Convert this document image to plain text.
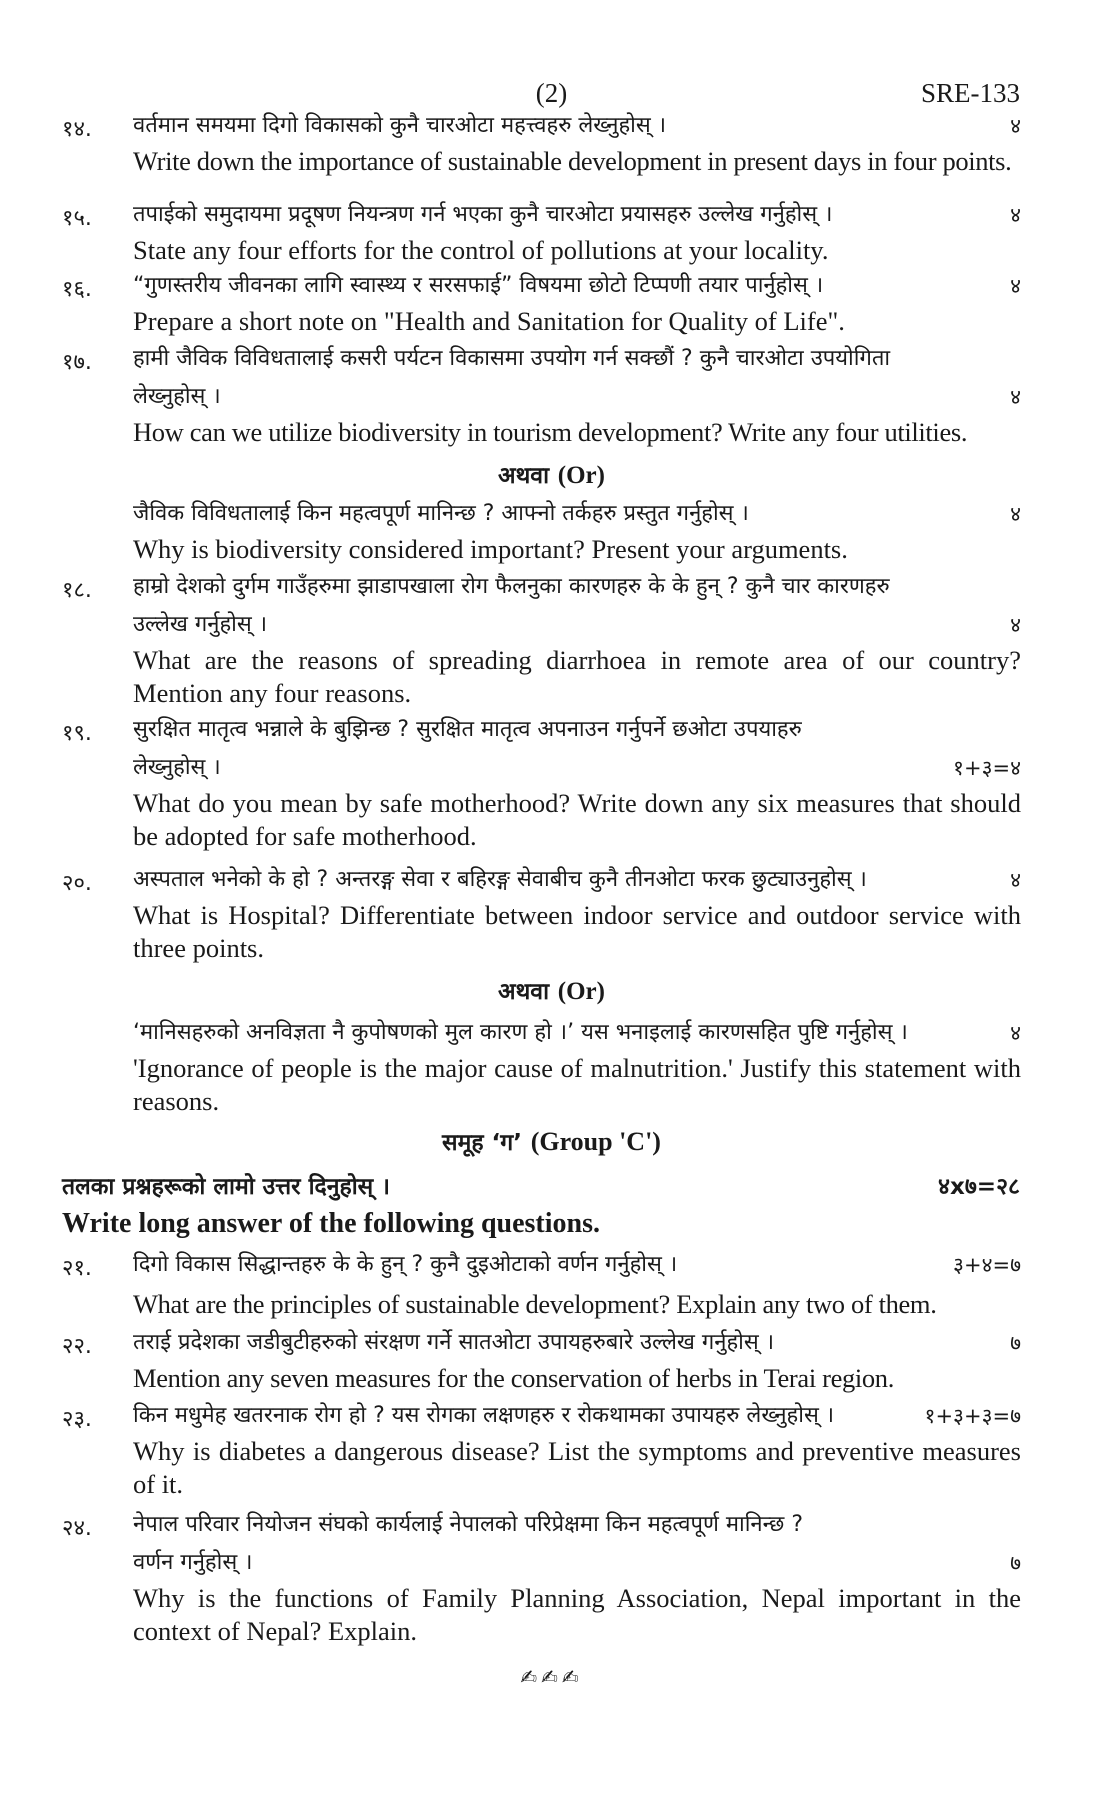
(2)	SRE-133
१४.	वर्तमान समयमा दिगो विकासको कुनै चारओटा महत्त्वहरु लेख्नुहोस् ।	४
Write down the importance of sustainable development in present days in four points.
१५.	तपाईको समुदायमा प्रदूषण नियन्त्रण गर्न भएका कुनै चारओटा प्रयासहरु उल्लेख गर्नुहोस् ।	४
State any four efforts for the control of pollutions at your locality.
१६.	“गुणस्तरीय जीवनका लागि स्वास्थ्य र सरसफाई” विषयमा छोटो टिप्पणी तयार पार्नुहोस् ।	४
Prepare a short note on "Health and Sanitation for Quality of Life".
१७.	हामी जैविक विविधतालाई कसरी पर्यटन विकासमा उपयोग गर्न सक्छौं ? कुनै चारओटा उपयोगिता
लेख्नुहोस् ।	४
How can we utilize biodiversity in tourism development? Write any four utilities.
अथवा (Or)
जैविक विविधतालाई किन महत्वपूर्ण मानिन्छ ? आफ्नो तर्कहरु प्रस्तुत गर्नुहोस् ।	४
Why is biodiversity considered important? Present your arguments.
१८.	हाम्रो देशको दुर्गम गाउँहरुमा झाडापखाला रोग फैलनुका कारणहरु के के हुन् ? कुनै चार कारणहरु
उल्लेख गर्नुहोस् ।	४
What are the reasons of spreading diarrhoea in remote area of our country? Mention any four reasons.
१९.	सुरक्षित मातृत्व भन्नाले के बुझिन्छ ? सुरक्षित मातृत्व अपनाउन गर्नुपर्ने छओटा उपयाहरु
लेख्नुहोस् ।	१+३=४
What do you mean by safe motherhood? Write down any six measures that should be adopted for safe motherhood.
२०.	अस्पताल भनेको के हो ? अन्तरङ्ग सेवा र बहिरङ्ग सेवाबीच कुनै तीनओटा फरक छुट्याउनुहोस् ।	४
What is Hospital? Differentiate between indoor service and outdoor service with three points.
अथवा (Or)
‘मानिसहरुको अनविज्ञता नै कुपोषणको मुल कारण हो ।’ यस भनाइलाई कारणसहित पुष्टि गर्नुहोस् ।	४
'Ignorance of people is the major cause of malnutrition.' Justify this statement with reasons.
समूह ‘ग’ (Group 'C')
तलका प्रश्नहरूको लामो उत्तर दिनुहोस् ।	४x७=२८
Write long answer of the following questions.
२१.	दिगो विकास सिद्धान्तहरु के के हुन् ? कुनै दुइओटाको वर्णन गर्नुहोस् ।	३+४=७
What are the principles of sustainable development? Explain any two of them.
२२.	तराई प्रदेशका जडीबुटीहरुको संरक्षण गर्ने सातओटा उपायहरुबारे उल्लेख गर्नुहोस् ।	७
Mention any seven measures for the conservation of herbs in Terai region.
२३.	किन मधुमेह खतरनाक रोग हो ? यस रोगका लक्षणहरु र रोकथामका उपायहरु लेख्नुहोस् ।	१+३+३=७
Why is diabetes a dangerous disease? List the symptoms and preventive measures of it.
२४.	नेपाल परिवार नियोजन संघको कार्यलाई नेपालको परिप्रेक्षमा किन महत्वपूर्ण मानिन्छ ?
वर्णन गर्नुहोस् ।	७
Why is the functions of Family Planning Association, Nepal important in the context of Nepal? Explain.
✍✍✍
